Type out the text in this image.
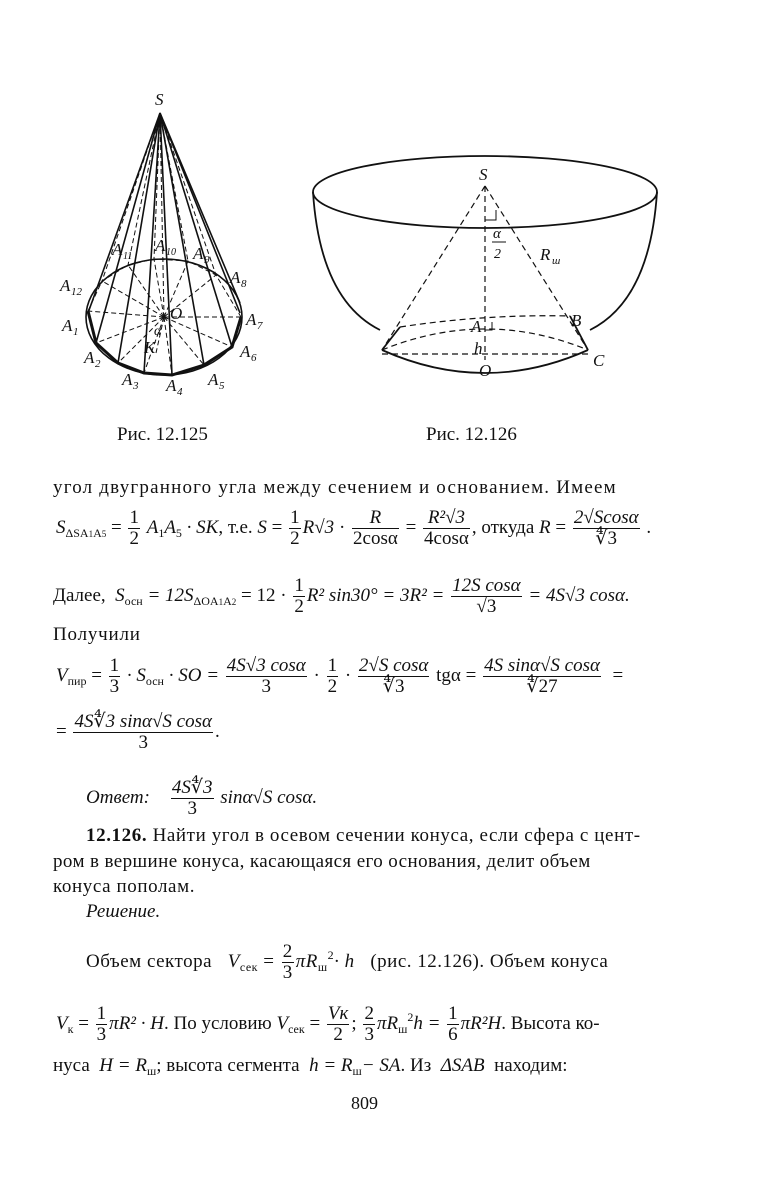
S
A 12
A 1
A 2
A 3 A 4
A 5
A 6
A 7
A 8
A 9
A 10
A 11
O
K
α
Рис. 12.125
S
α
2 R ш
B
A
h
O
C
Рис. 12.126
угол двугранного угла между сечением и основанием. Имеем
$S_{\Delta SA1A5} = \frac{1}{2} A_1A_5$ · SK, т.е. $S = \frac{1}{2} R√3 \cdot \frac{R}{2\cos\alpha} = \frac{\text{R²√3}}{4\cos\alpha}$ , откуда $R = \frac{2√Scos\alpha}{∜3}$ .
Далее, $S_{осн} = 12S_{\Delta OA1A2} = 12 \cdot \frac{1}{2} R^2$ $\sin 30^\circ = 3R^2 = \frac{\text{12S cosα}}{√3} = 4S√3$ cosα.
Получили
$V_{пир} = \frac{1}{3} \cdot S_{осн}$ · SO = $\frac{4S√3 \cos\alpha}{3} \cdot \frac{1}{2} \cdot \frac{\text{2√S cosα}}{∜3}$ $tg\alpha = \frac{\text{4S sinα√S cosα}}{∜27}$ =
= $\frac{\text{4S∜3 sinα√S cosα}}{3}$ .
Ответ: $\frac{4S∜3}{3} \sin\alpha√S$ cosα.
12.126. Найти угол в осевом сечении конуса, если сфера с цент-
ром в вершине конуса, касающаяся его основания, делит объем
конуса пополам.
Решение.
Объем сектора $V_{сек} = \frac{2}{3} \pi R_ш^2\cdot h$ (рис. 12.126). Объем конуса
$V_к = \frac{1}{3} \pi R^2 \cdot H$. По условию $V_{сек} = \frac{Vк}{2}$ ; $\frac{2}{3} \pi R_ш^2h = \frac{1}{6} \pi R^2H$. Высота ко-
нуса $H = R_ш$; высота сегмента $h = R_ш-$ SA. Из ΔSAB находим:
809
